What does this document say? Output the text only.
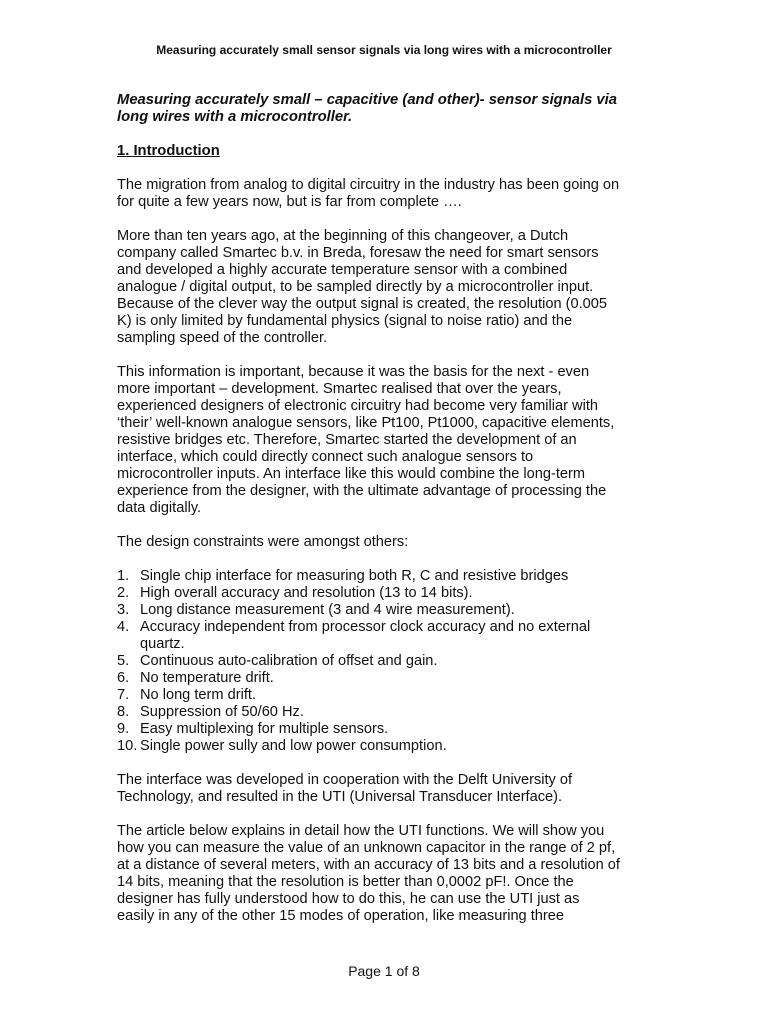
Measuring accurately small sensor signals via long wires with a microcontroller

Measuring accurately small – capacitive (and other)- sensor signals via
long wires with a microcontroller.

1. Introduction

The migration from analog to digital circuitry in the industry has been going on
for quite a few years now, but is far from complete ….

More than ten years ago, at the beginning of this changeover, a Dutch
company called Smartec b.v. in Breda, foresaw the need for smart sensors
and developed a highly accurate temperature sensor with a combined
analogue / digital output, to be sampled directly by a microcontroller input.
Because of the clever way the output signal is created, the resolution (0.005
K) is only limited by fundamental physics (signal to noise ratio) and the
sampling speed of the controller.

This information is important, because it was the basis for the next - even
more important – development. Smartec realised that over the years,
experienced designers of electronic circuitry had become very familiar with
‘their’ well-known analogue sensors, like Pt100, Pt1000, capacitive elements,
resistive bridges etc. Therefore, Smartec started the development of an
interface, which could directly connect such analogue sensors to
microcontroller inputs. An interface like this would combine the long-term
experience from the designer, with the ultimate advantage of processing the
data digitally.

The design constraints were amongst others:

1. Single chip interface for measuring both R, C and resistive bridges
2. High overall accuracy and resolution (13 to 14 bits).
3. Long distance measurement (3 and 4 wire measurement).
4. Accuracy independent from processor clock accuracy and no external
quartz.
5. Continuous auto-calibration of offset and gain.
6. No temperature drift.
7. No long term drift.
8. Suppression of 50/60 Hz.
9. Easy multiplexing for multiple sensors.
10. Single power sully and low power consumption.

The interface was developed in cooperation with the Delft University of
Technology, and resulted in the UTI (Universal Transducer Interface).

The article below explains in detail how the UTI functions. We will show you
how you can measure the value of an unknown capacitor in the range of 2 pf,
at a distance of several meters, with an accuracy of 13 bits and a resolution of
14 bits, meaning that the resolution is better than 0,0002 pF!. Once the
designer has fully understood how to do this, he can use the UTI just as
easily in any of the other 15 modes of operation, like measuring three

Page 1 of 8
